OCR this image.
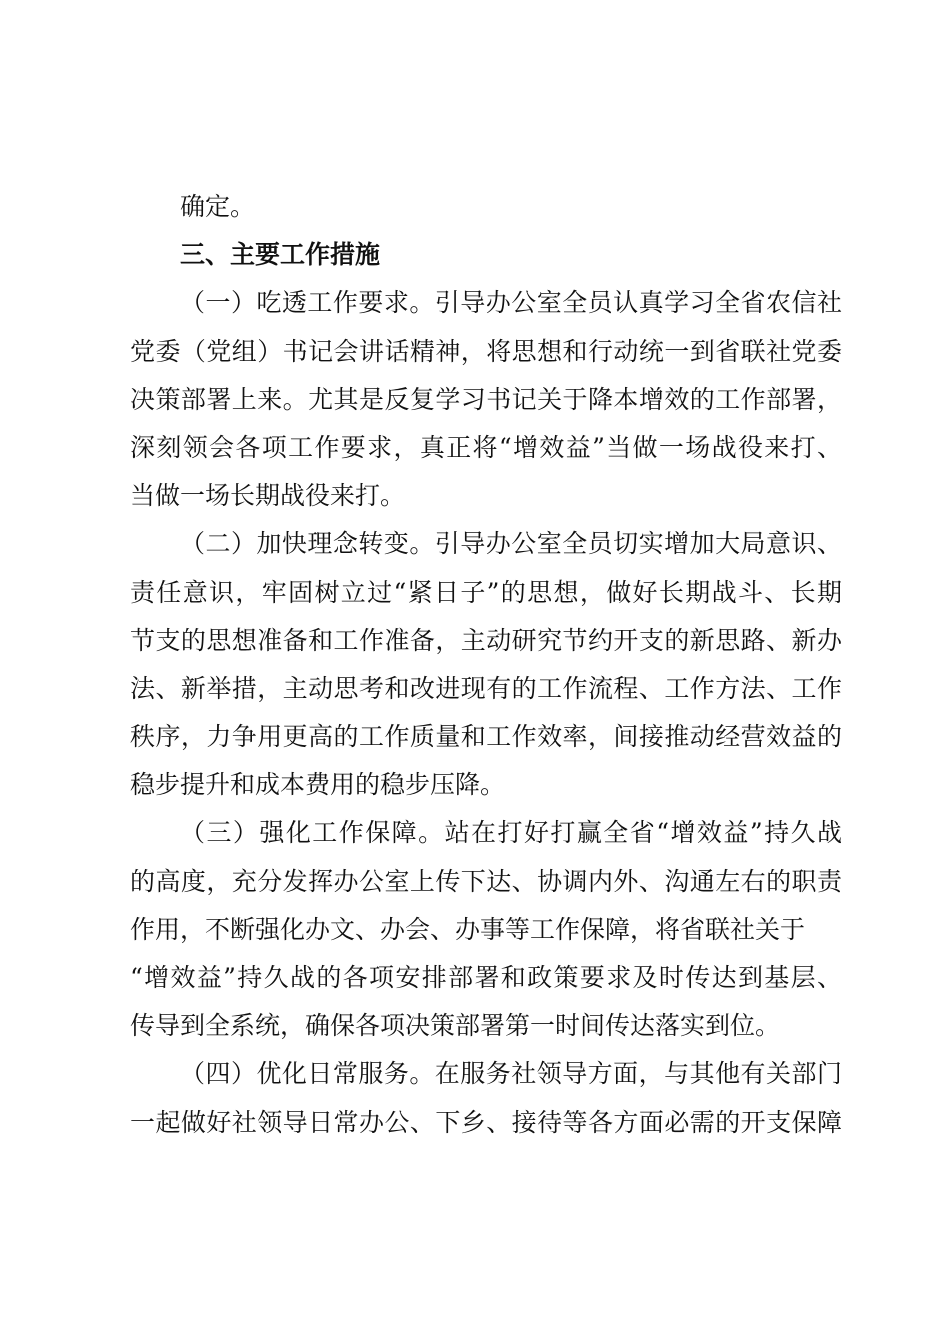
确定。

三、主要工作措施

（一）吃透工作要求。引导办公室全员认真学习全省农信社
党委（党组）书记会讲话精神，将思想和行动统一到省联社党委
决策部署上来。尤其是反复学习书记关于降本增效的工作部署，
深刻领会各项工作要求，真正将“增效益”当做一场战役来打、
当做一场长期战役来打。

（二）加快理念转变。引导办公室全员切实增加大局意识、
责任意识，牢固树立过“紧日子”的思想，做好长期战斗、长期
节支的思想准备和工作准备，主动研究节约开支的新思路、新办
法、新举措，主动思考和改进现有的工作流程、工作方法、工作
秩序，力争用更高的工作质量和工作效率，间接推动经营效益的
稳步提升和成本费用的稳步压降。

（三）强化工作保障。站在打好打赢全省“增效益”持久战
的高度，充分发挥办公室上传下达、协调内外、沟通左右的职责
作用，不断强化办文、办会、办事等工作保障，将省联社关于
“增效益”持久战的各项安排部署和政策要求及时传达到基层、
传导到全系统，确保各项决策部署第一时间传达落实到位。

（四）优化日常服务。在服务社领导方面，与其他有关部门
一起做好社领导日常办公、下乡、接待等各方面必需的开支保障
